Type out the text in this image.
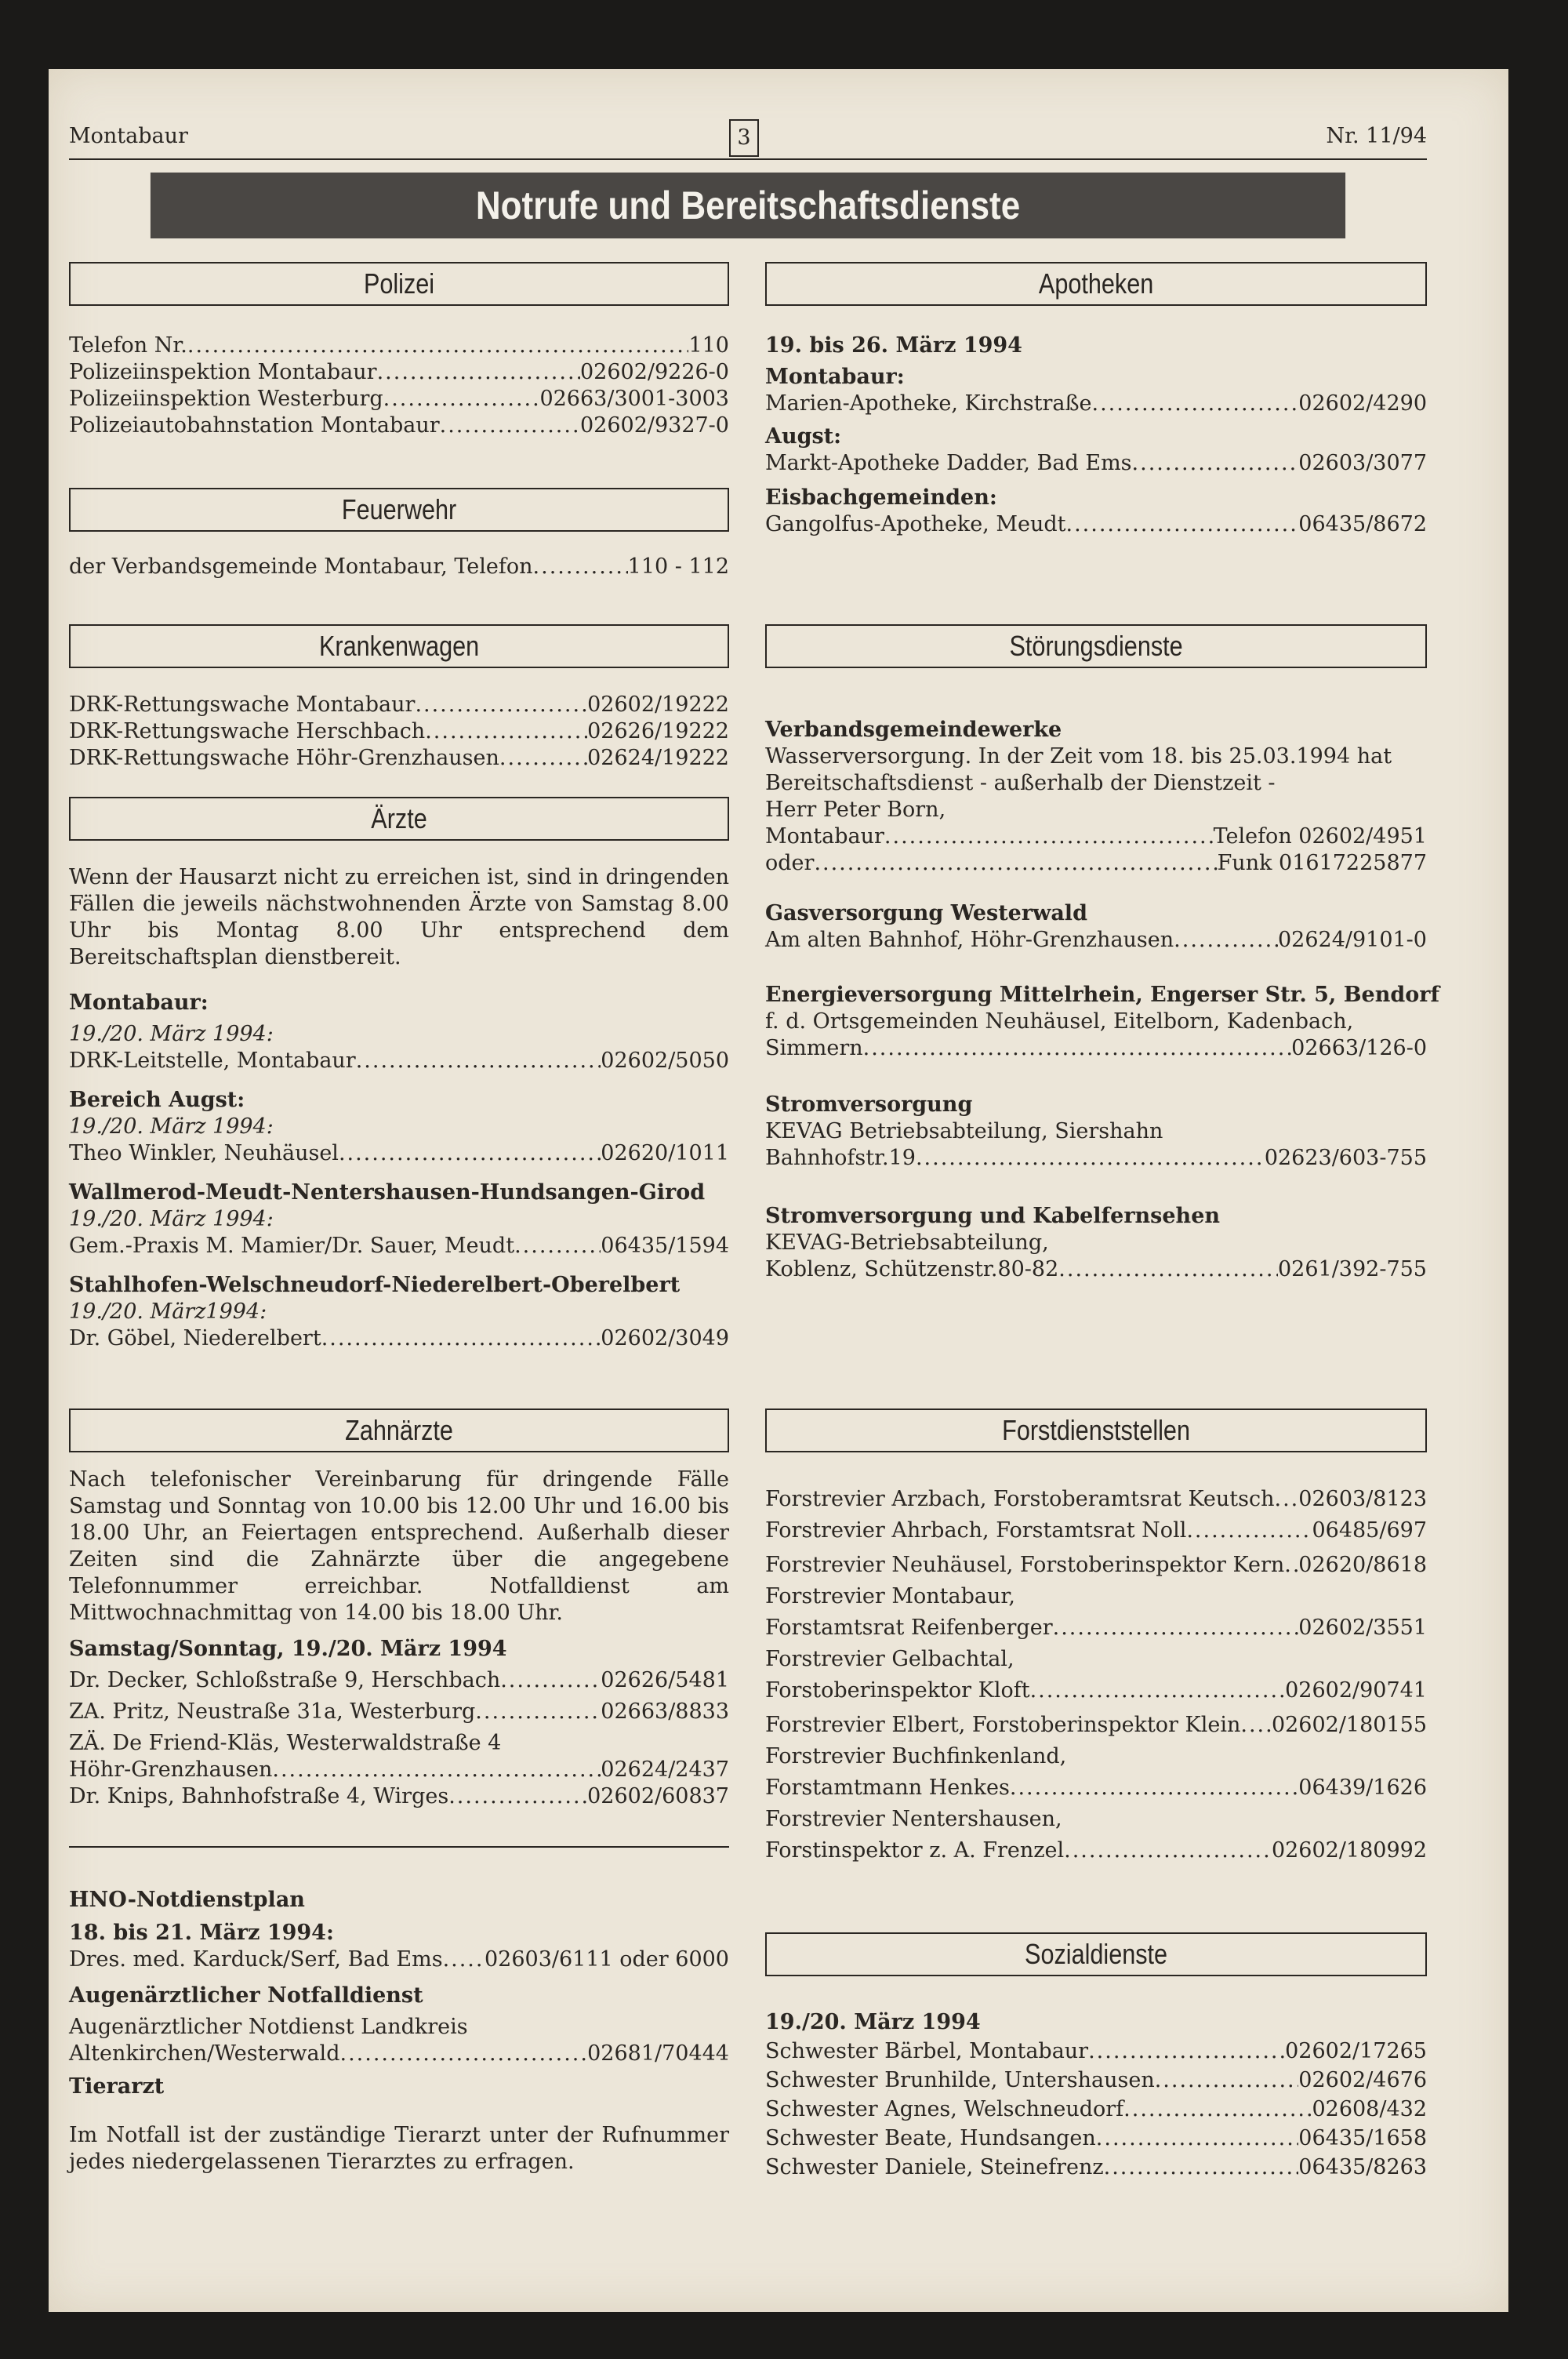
Montabaur	3	Nr. 11/94
Notrufe und Bereitschaftsdienste
Polizei
Telefon Nr. .....	110
Polizeiinspektion Montabaur .....	02602/9226-0
Polizeiinspektion Westerburg .....	02663/3001-3003
Polizeiautobahnstation Montabaur .....	02602/9327-0
Feuerwehr
der Verbandsgemeinde Montabaur, Telefon .....	110 - 112
Krankenwagen
DRK-Rettungswache Montabaur .....	02602/19222
DRK-Rettungswache Herschbach .....	02626/19222
DRK-Rettungswache Höhr-Grenzhausen .....	02624/19222
Ärzte
Wenn der Hausarzt nicht zu erreichen ist, sind in dringenden Fällen die jeweils nächstwohnenden Ärzte von Samstag 8.00 Uhr bis Montag 8.00 Uhr entsprechend dem Bereitschaftsplan dienstbereit.
Montabaur:
19./20. März 1994:
DRK-Leitstelle, Montabaur .....	02602/5050
Bereich Augst:
19./20. März 1994:
Theo Winkler, Neuhäusel .....	02620/1011
Wallmerod-Meudt-Nentershausen-Hundsangen-Girod
19./20. März 1994:
Gem.-Praxis M. Mamier/Dr. Sauer, Meudt .....	06435/1594
Stahlhofen-Welschneudorf-Niederelbert-Oberelbert
19./20. März1994:
Dr. Göbel, Niederelbert .....	02602/3049
Zahnärzte
Nach telefonischer Vereinbarung für dringende Fälle Samstag und Sonntag von 10.00 bis 12.00 Uhr und 16.00 bis 18.00 Uhr, an Feiertagen entsprechend. Außerhalb dieser Zeiten sind die Zahnärzte über die angegebene Telefonnummer erreichbar. Notfalldienst am Mittwochnachmittag von 14.00 bis 18.00 Uhr.
Samstag/Sonntag, 19./20. März 1994
Dr. Decker, Schloßstraße 9, Herschbach .....	02626/5481
ZA. Pritz, Neustraße 31a, Westerburg .....	02663/8833
ZÄ. De Friend-Kläs, Westerwaldstraße 4
Höhr-Grenzhausen .....	02624/2437
Dr. Knips, Bahnhofstraße 4, Wirges .....	02602/60837
HNO-Notdienstplan
18. bis 21. März 1994:
Dres. med. Karduck/Serf, Bad Ems ..... 02603/6111 oder 6000
Augenärztlicher Notfalldienst
Augenärztlicher Notdienst Landkreis
Altenkirchen/Westerwald .....	02681/70444
Tierarzt
Im Notfall ist der zuständige Tierarzt unter der Rufnummer jedes niedergelassenen Tierarztes zu erfragen.
Apotheken
19. bis 26. März 1994
Montabaur:
Marien-Apotheke, Kirchstraße .....	02602/4290
Augst:
Markt-Apotheke Dadder, Bad Ems .....	02603/3077
Eisbachgemeinden:
Gangolfus-Apotheke, Meudt .....	06435/8672
Störungsdienste
Verbandsgemeindewerke
Wasserversorgung. In der Zeit vom 18. bis 25.03.1994 hat
Bereitschaftsdienst - außerhalb der Dienstzeit -
Herr Peter Born,
Montabaur .....	Telefon 02602/4951
oder .....	Funk 01617225877
Gasversorgung Westerwald
Am alten Bahnhof, Höhr-Grenzhausen .....	02624/9101-0
Energieversorgung Mittelrhein, Engerser Str. 5, Bendorf
f. d. Ortsgemeinden Neuhäusel, Eitelborn, Kadenbach,
Simmern .....	02663/126-0
Stromversorgung
KEVAG Betriebsabteilung, Siershahn
Bahnhofstr.19 .....	02623/603-755
Stromversorgung und Kabelfernsehen
KEVAG-Betriebsabteilung,
Koblenz, Schützenstr.80-82 .....	0261/392-755
Forstdienststellen
Forstrevier Arzbach, Forstoberamtsrat Keutsch ..... 02603/8123
Forstrevier Ahrbach, Forstamtsrat Noll .....	06485/697
Forstrevier Neuhäusel, Forstoberinspektor Kern ..... 02620/8618
Forstrevier Montabaur,
Forstamtsrat Reifenberger .....	02602/3551
Forstrevier Gelbachtal,
Forstoberinspektor Kloft .....	02602/90741
Forstrevier Elbert, Forstoberinspektor Klein ..... 02602/180155
Forstrevier Buchfinkenland,
Forstamtmann Henkes .....	06439/1626
Forstrevier Nentershausen,
Forstinspektor z. A. Frenzel .....	02602/180992
Sozialdienste
19./20. März 1994
Schwester Bärbel, Montabaur .....	02602/17265
Schwester Brunhilde, Untershausen .....	02602/4676
Schwester Agnes, Welschneudorf .....	02608/432
Schwester Beate, Hundsangen .....	06435/1658
Schwester Daniele, Steinefrenz .....	06435/8263
